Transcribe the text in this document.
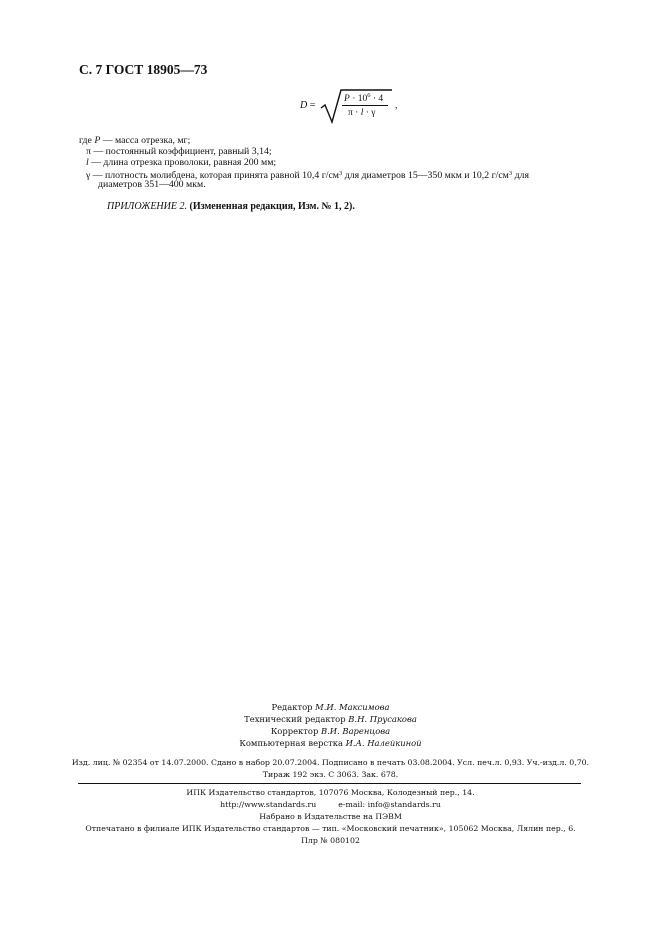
С. 7 ГОСТ 18905—73
D =
$P \cdot 10^6 \cdot 4$
π · l · γ
,
где P — масса отрезка, мг;
π — постоянный коэффициент, равный 3,14;
l — длина отрезка проволоки, равная 200 мм;
γ — плотность молибдена, которая принята равной 10,4 $г/см^3$ для диаметров 15—350 мкм и 10,2 $г/см^3$ для
диаметров 351—400 мкм.
ПРИЛОЖЕНИЕ 2. (Измененная редакция, Изм. № 1, 2).
Редактор М.И. Максимова
Технический редактор В.Н. Прусакова
Корректор В.И. Варенцова
Компьютерная верстка И.А. Налейкиной
Изд. лиц. № 02354 от 14.07.2000. Сдано в набор 20.07.2004. Подписано в печать 03.08.2004. Усл. печ.л. 0,93. Уч.-изд.л. 0,70.
Тираж 192 экз. С 3063. Зак. 678.
ИПК Издательство стандартов, 107076 Москва, Колодезный пер., 14.
http://www.standards.ru	e-mail: info@standards.ru
Набрано в Издательстве на ПЭВМ
Отпечатано в филиале ИПК Издательство стандартов — тип. «Московский печатник», 105062 Москва, Лялин пер., 6.
Плр № 080102
